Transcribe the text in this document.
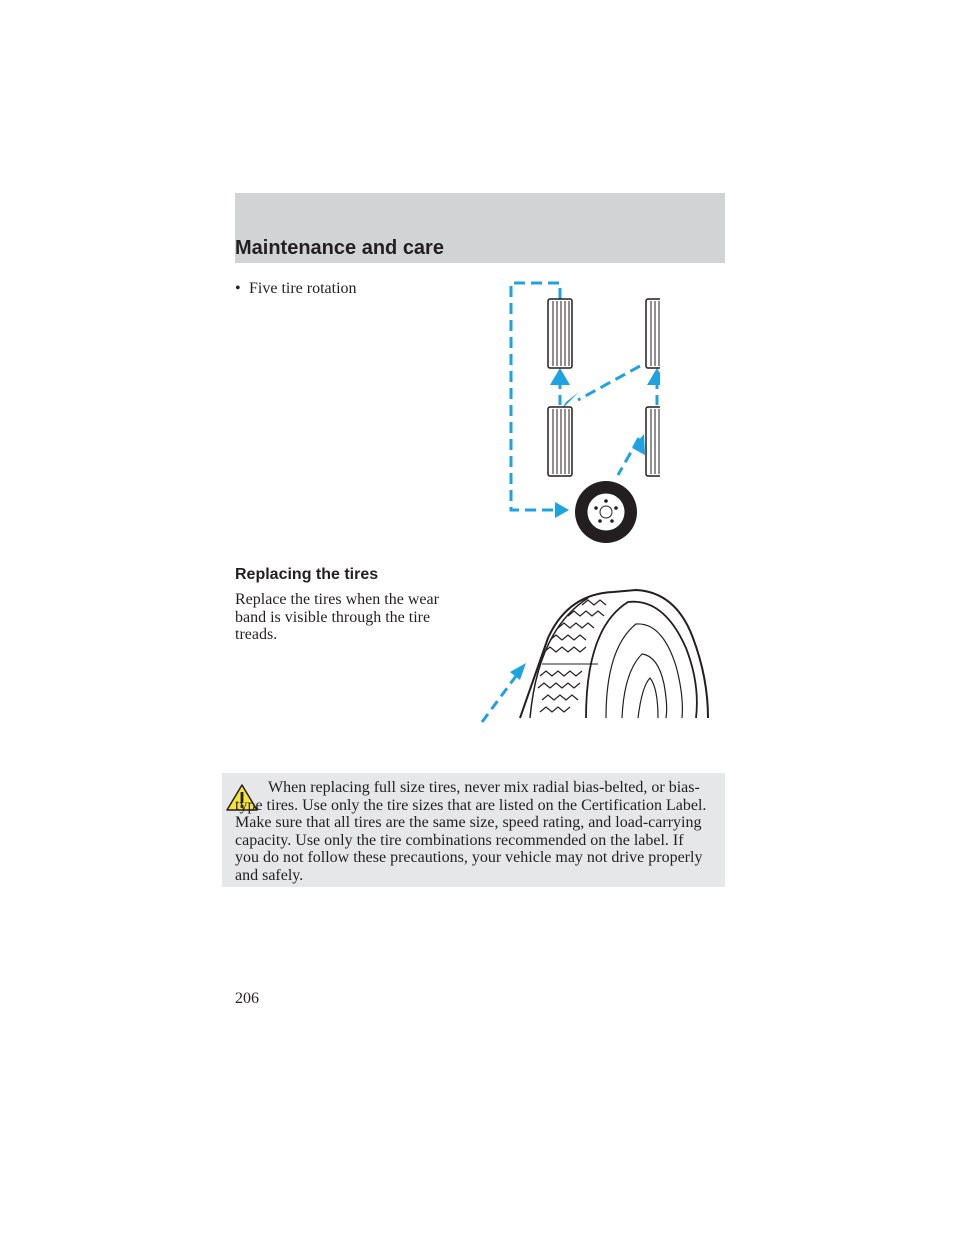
Maintenance and care
• Five tire rotation
Replacing the tires
Replace the tires when the wear band is visible through the tire treads.
When replacing full size tires, never mix radial bias-belted, or bias-type tires. Use only the tire sizes that are listed on the Certification Label. Make sure that all tires are the same size, speed rating, and load-carrying capacity. Use only the tire combinations recommended on the label. If you do not follow these precautions, your vehicle may not drive properly and safely.
206
